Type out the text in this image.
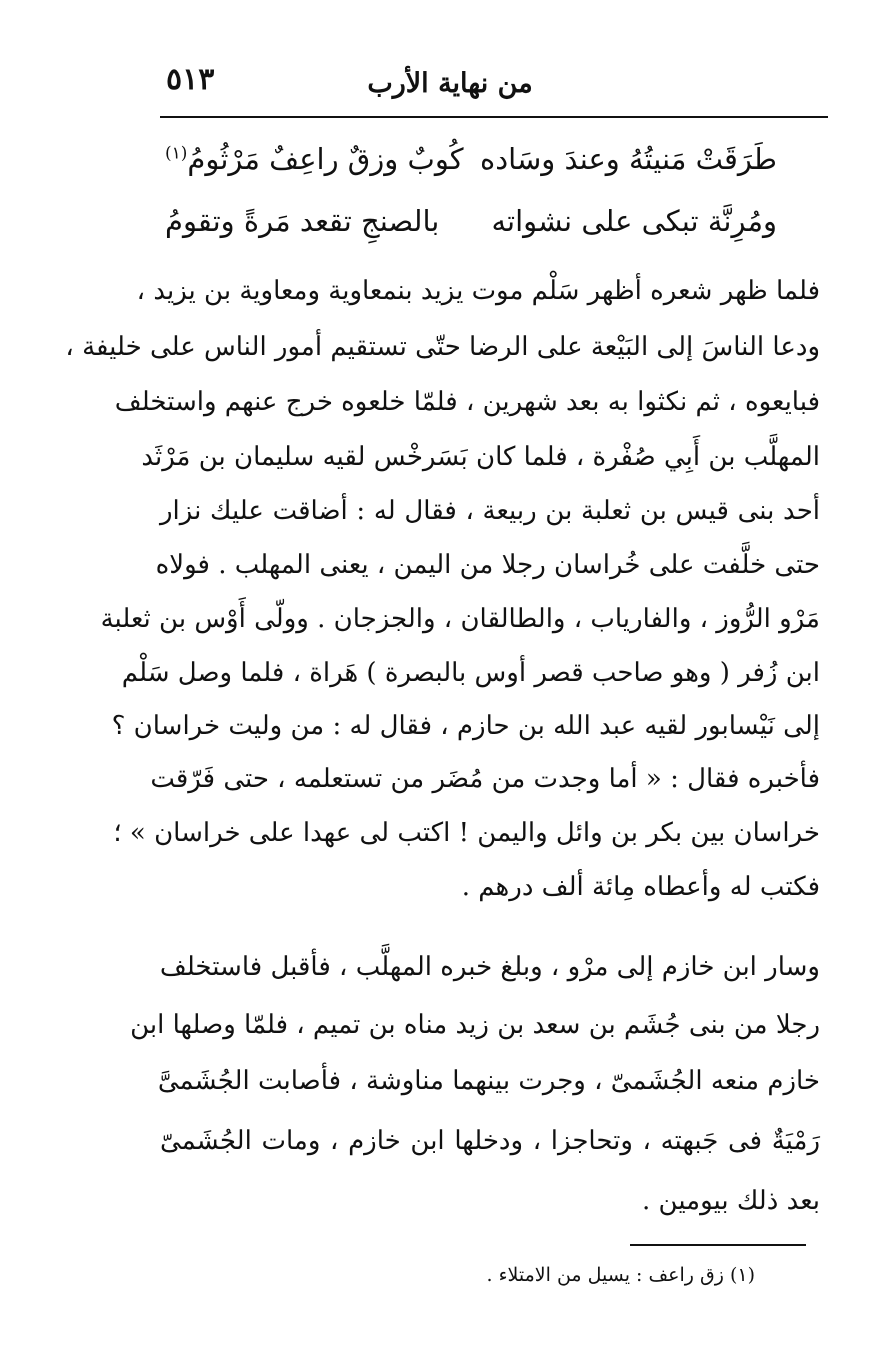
من نهاية الأرب
٥١٣
طَرَقَتْ مَنيتُهُ وعندَ وسَاده
كُوبٌ وزقٌ راعِفٌ مَرْثُومُ$^{(١)}$
ومُرِنَّة تبكى على نشواته
بالصنجِ تقعد مَرةً وتقومُ
فلما ظهر شعره أظهر سَلْم موت يزيد بنمعاوية ومعاوية بن يزيد ،
ودعا الناسَ إلى البَيْعة على الرضا حتّى تستقيم أمور الناس على خليفة ،
فبايعوه ، ثم نكثوا به بعد شهرين ، فلمّا خلعوه خرج عنهم واستخلف
المهلَّب بن أَبِي صُفْرة ، فلما كان بَسَرخْس لقيه سليمان بن مَرْثَد
أحد بنى قيس بن ثعلبة بن ربيعة ، فقال له : أضاقت عليك نزار
حتى خلَّفت على خُراسان رجلا من اليمن ، يعنى المهلب . فولاه
مَرْو الرُّوز ، والفارياب ، والطالقان ، والجزجان . وولّى أَوْس بن ثعلبة
ابن زُفر ( وهو صاحب قصر أوس بالبصرة ) هَراة ، فلما وصل سَلْم
إلى نَيْسابور لقيه عبد الله بن حازم ، فقال له : من وليت خراسان ؟
فأخبره فقال : « أما وجدت من مُضَر من تستعلمه ، حتى فَرّقت
خراسان بين بكر بن وائل واليمن ! اكتب لى عهدا على خراسان » ؛
فكتب له وأعطاه مِائة ألف درهم .
وسار ابن خازم إلى مرْو ، وبلغ خبره المهلَّب ، فأقبل فاستخلف
رجلا من بنى جُشَم بن سعد بن زيد مناه بن تميم ، فلمّا وصلها ابن
خازم منعه الجُشَمىّ ، وجرت بينهما مناوشة ، فأصابت الجُشَمىَّ
رَمْيَةٌ فى جَبهته ، وتحاجزا ، ودخلها ابن خازم ، ومات الجُشَمىّ
بعد ذلك بيومين .
(١) زق راعف : يسيل من الامتلاء .
